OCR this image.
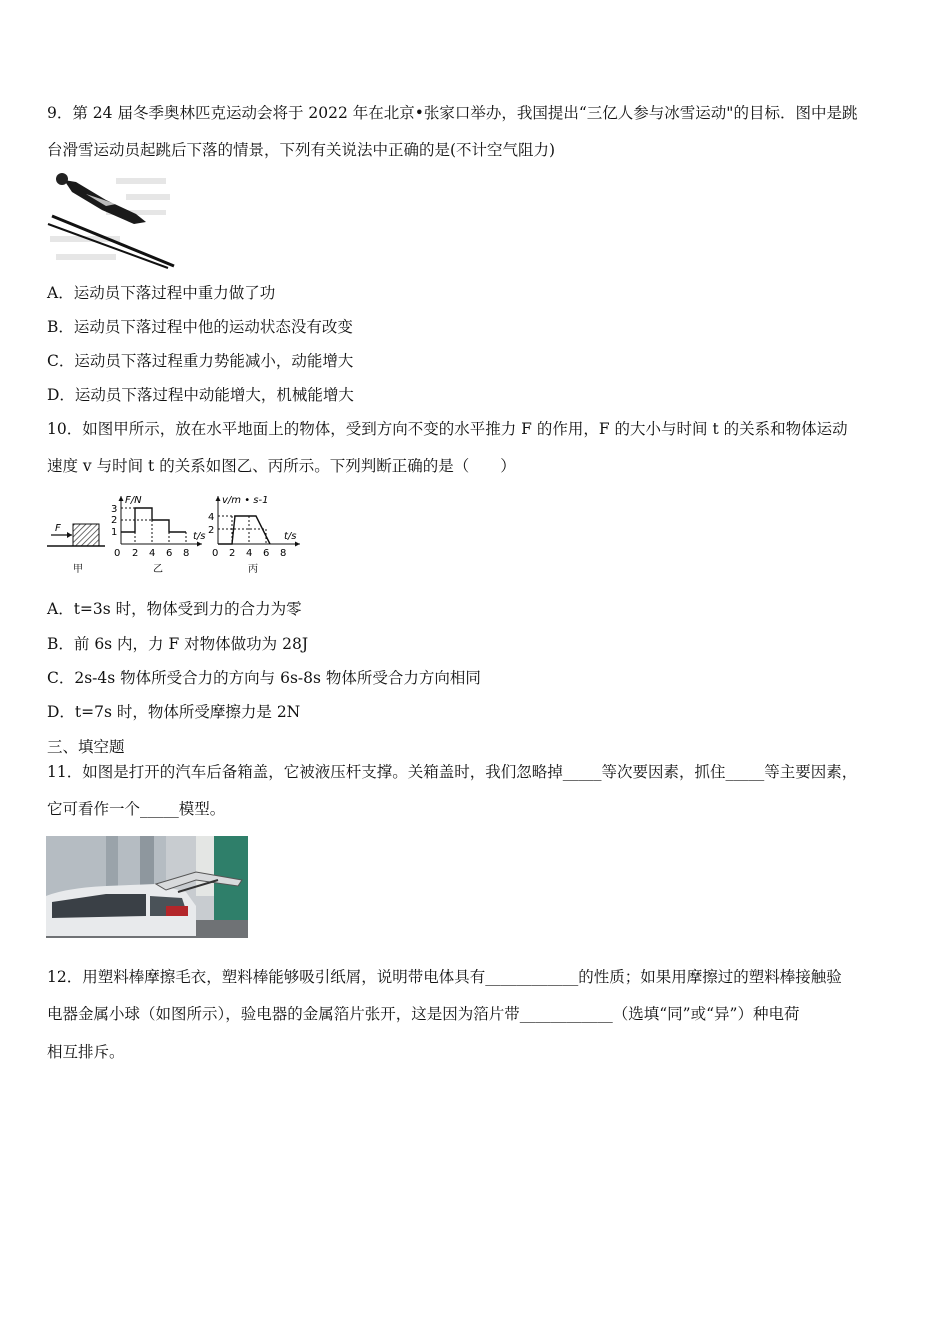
9．第 24 届冬季奥林匹克运动会将于 2022 年在北京•张家口举办，我国提出“三亿人参与冰雪运动"的目标．图中是跳
台滑雪运动员起跳后下落的情景，下列有关说法中正确的是(不计空气阻力)
A．运动员下落过程中重力做了功
B．运动员下落过程中他的运动状态没有改变
C．运动员下落过程重力势能减小，动能增大
D．运动员下落过程中动能增大，机械能增大
10．如图甲所示，放在水平地面上的物体，受到方向不变的水平推力 F 的作用，F 的大小与时间 t 的关系和物体运动
速度 v 与时间 t 的关系如图乙、丙所示。下列判断正确的是（　　）
F
甲
F/N
t/s
3
2
1
0 2 4 6 8
乙
v/m • s-1
t/s
4
2
0 2 4 6 8
丙
A．t=3s 时，物体受到力的合力为零
B．前 6s 内，力 F 对物体做功为 28J
C．2s-4s 物体所受合力的方向与 6s-8s 物体所受合力方向相同
D．t=7s 时，物体所受摩擦力是 2N
三、填空题
11．如图是打开的汽车后备箱盖，它被液压杆支撑。关箱盖时，我们忽略掉_____等次要因素，抓住_____等主要因素，
它可看作一个_____模型。
12．用塑料棒摩擦毛衣，塑料棒能够吸引纸屑，说明带电体具有____________的性质；如果用摩擦过的塑料棒接触验
电器金属小球（如图所示），验电器的金属箔片张开，这是因为箔片带____________（选填“同”或“异”）种电荷
相互排斥。
